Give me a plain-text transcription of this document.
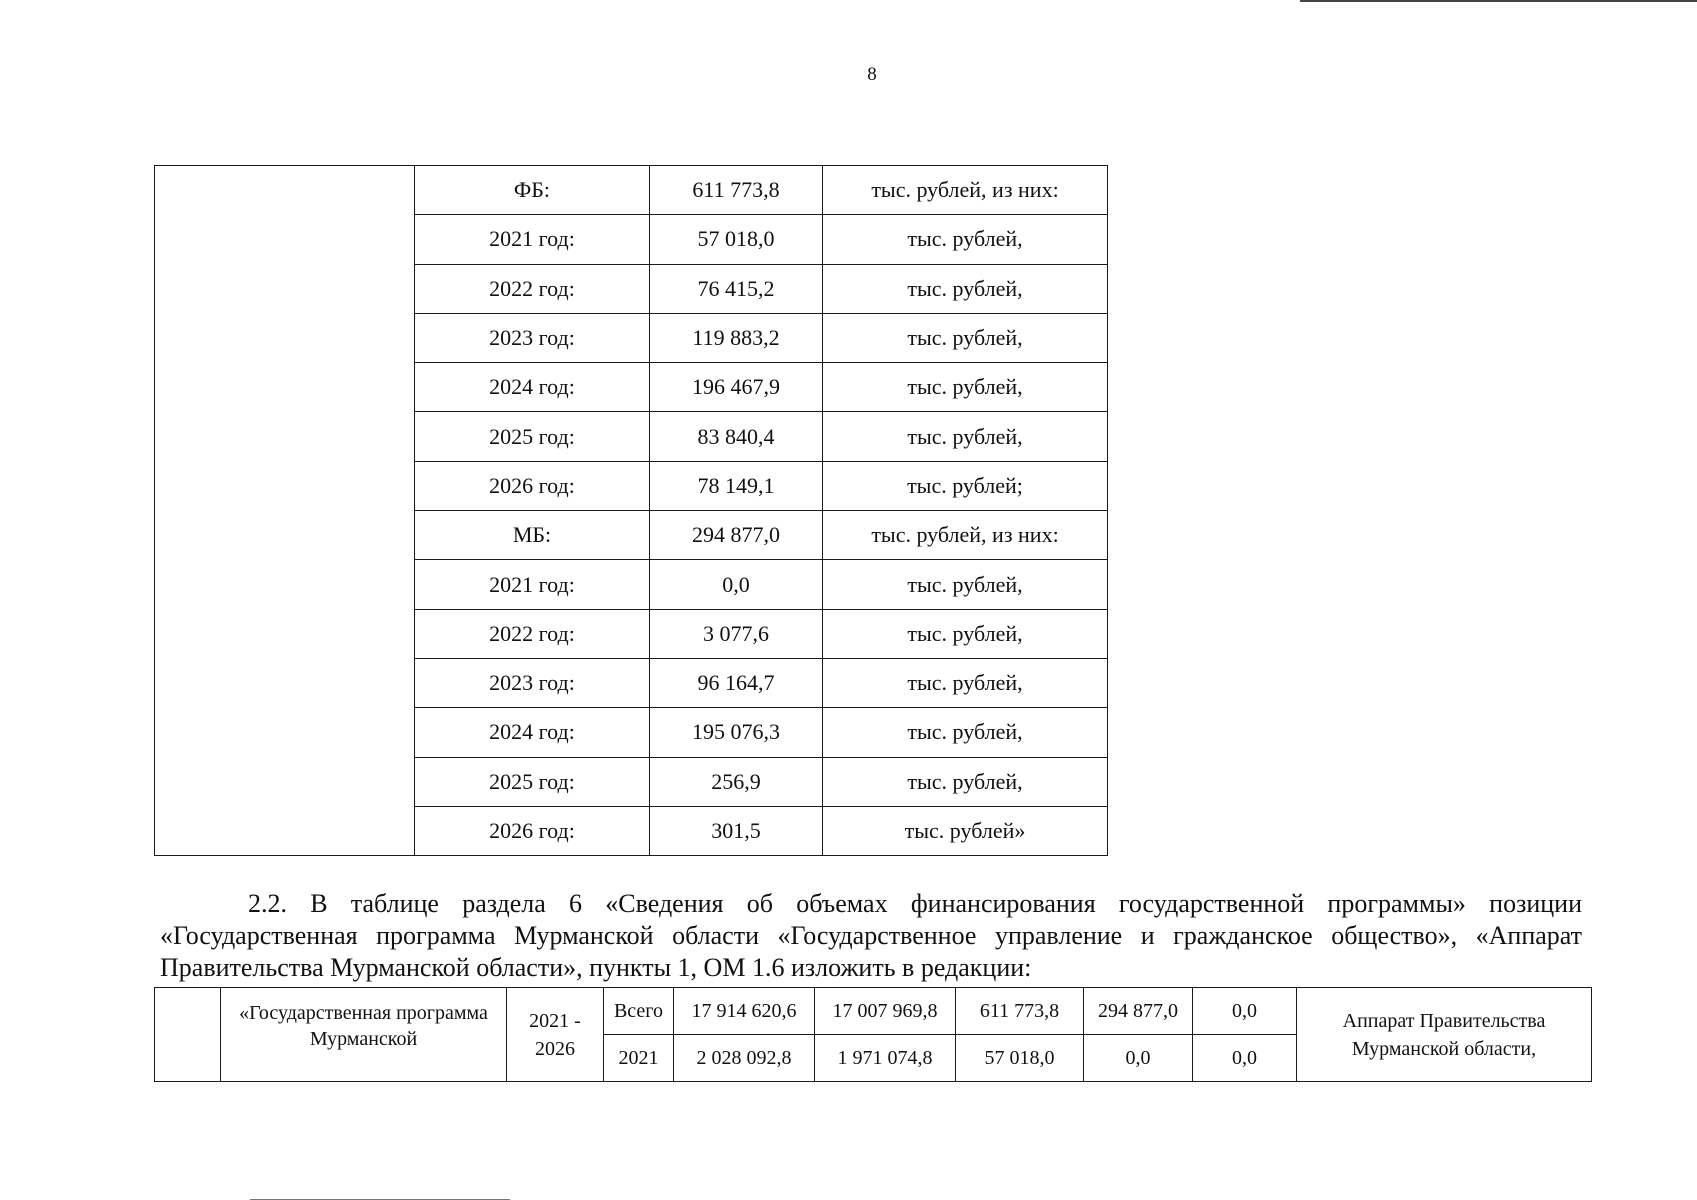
8
	ФБ:	611 773,8	тыс. рублей, из них:
	2021 год:	57 018,0	тыс. рублей,
	2022 год:	76 415,2	тыс. рублей,
	2023 год:	119 883,2	тыс. рублей,
	2024 год:	196 467,9	тыс. рублей,
	2025 год:	83 840,4	тыс. рублей,
	2026 год:	78 149,1	тыс. рублей;
	МБ:	294 877,0	тыс. рублей, из них:
	2021 год:	0,0	тыс. рублей,
	2022 год:	3 077,6	тыс. рублей,
	2023 год:	96 164,7	тыс. рублей,
	2024 год:	195 076,3	тыс. рублей,
	2025 год:	256,9	тыс. рублей,
	2026 год:	301,5	тыс. рублей»
2.2. В таблице раздела 6 «Сведения об объемах финансирования государственной программы» позиции «Государственная программа Мурманской области «Государственное управление и гражданское общество», «Аппарат Правительства Мурманской области», пункты 1, ОМ 1.6 изложить в редакции:
	«Государственная программа Мурманской	2021 - 2026	Всего	17 914 620,6	17 007 969,8	611 773,8	294 877,0	0,0	Аппарат Правительства Мурманской области,
			2021	2 028 092,8	1 971 074,8	57 018,0	0,0	0,0	
